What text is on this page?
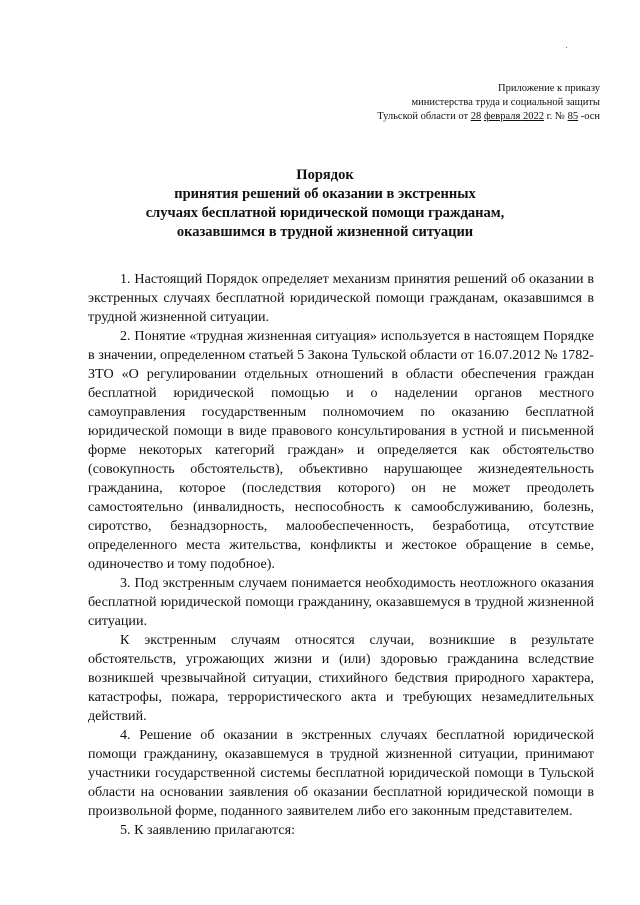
Приложение к приказу
министерства труда и социальной защиты
Тульской области от 28 февраля 2022 г. № 85 -осн
Порядок
принятия решений об оказании в экстренных
случаях бесплатной юридической помощи гражданам,
оказавшимся в трудной жизненной ситуации

1. Настоящий Порядок определяет механизм принятия решений об оказании в экстренных случаях бесплатной юридической помощи гражданам, оказавшимся в трудной жизненной ситуации.

2. Понятие «трудная жизненная ситуация» используется в настоящем Порядке в значении, определенном статьей 5 Закона Тульской области от 16.07.2012 № 1782-ЗТО «О регулировании отдельных отношений в области обеспечения граждан бесплатной юридической помощью и о наделении органов местного самоуправления государственным полномочием по оказанию бесплатной юридической помощи в виде правового консультирования в устной и письменной форме некоторых категорий граждан» и определяется как обстоятельство (совокупность обстоятельств), объективно нарушающее жизнедеятельность гражданина, которое (последствия которого) он не может преодолеть самостоятельно (инвалидность, неспособность к самообслуживанию, болезнь, сиротство, безнадзорность, малообеспеченность, безработица, отсутствие определенного места жительства, конфликты и жестокое обращение в семье, одиночество и тому подобное).

3. Под экстренным случаем понимается необходимость неотложного оказания бесплатной юридической помощи гражданину, оказавшемуся в трудной жизненной ситуации.

К экстренным случаям относятся случаи, возникшие в результате обстоятельств, угрожающих жизни и (или) здоровью гражданина вследствие возникшей чрезвычайной ситуации, стихийного бедствия природного характера, катастрофы, пожара, террористического акта и требующих незамедлительных действий.

4. Решение об оказании в экстренных случаях бесплатной юридической помощи гражданину, оказавшемуся в трудной жизненной ситуации, принимают участники государственной системы бесплатной юридической помощи в Тульской области на основании заявления об оказании бесплатной юридической помощи в произвольной форме, поданного заявителем либо его законным представителем.

5. К заявлению прилагаются:
